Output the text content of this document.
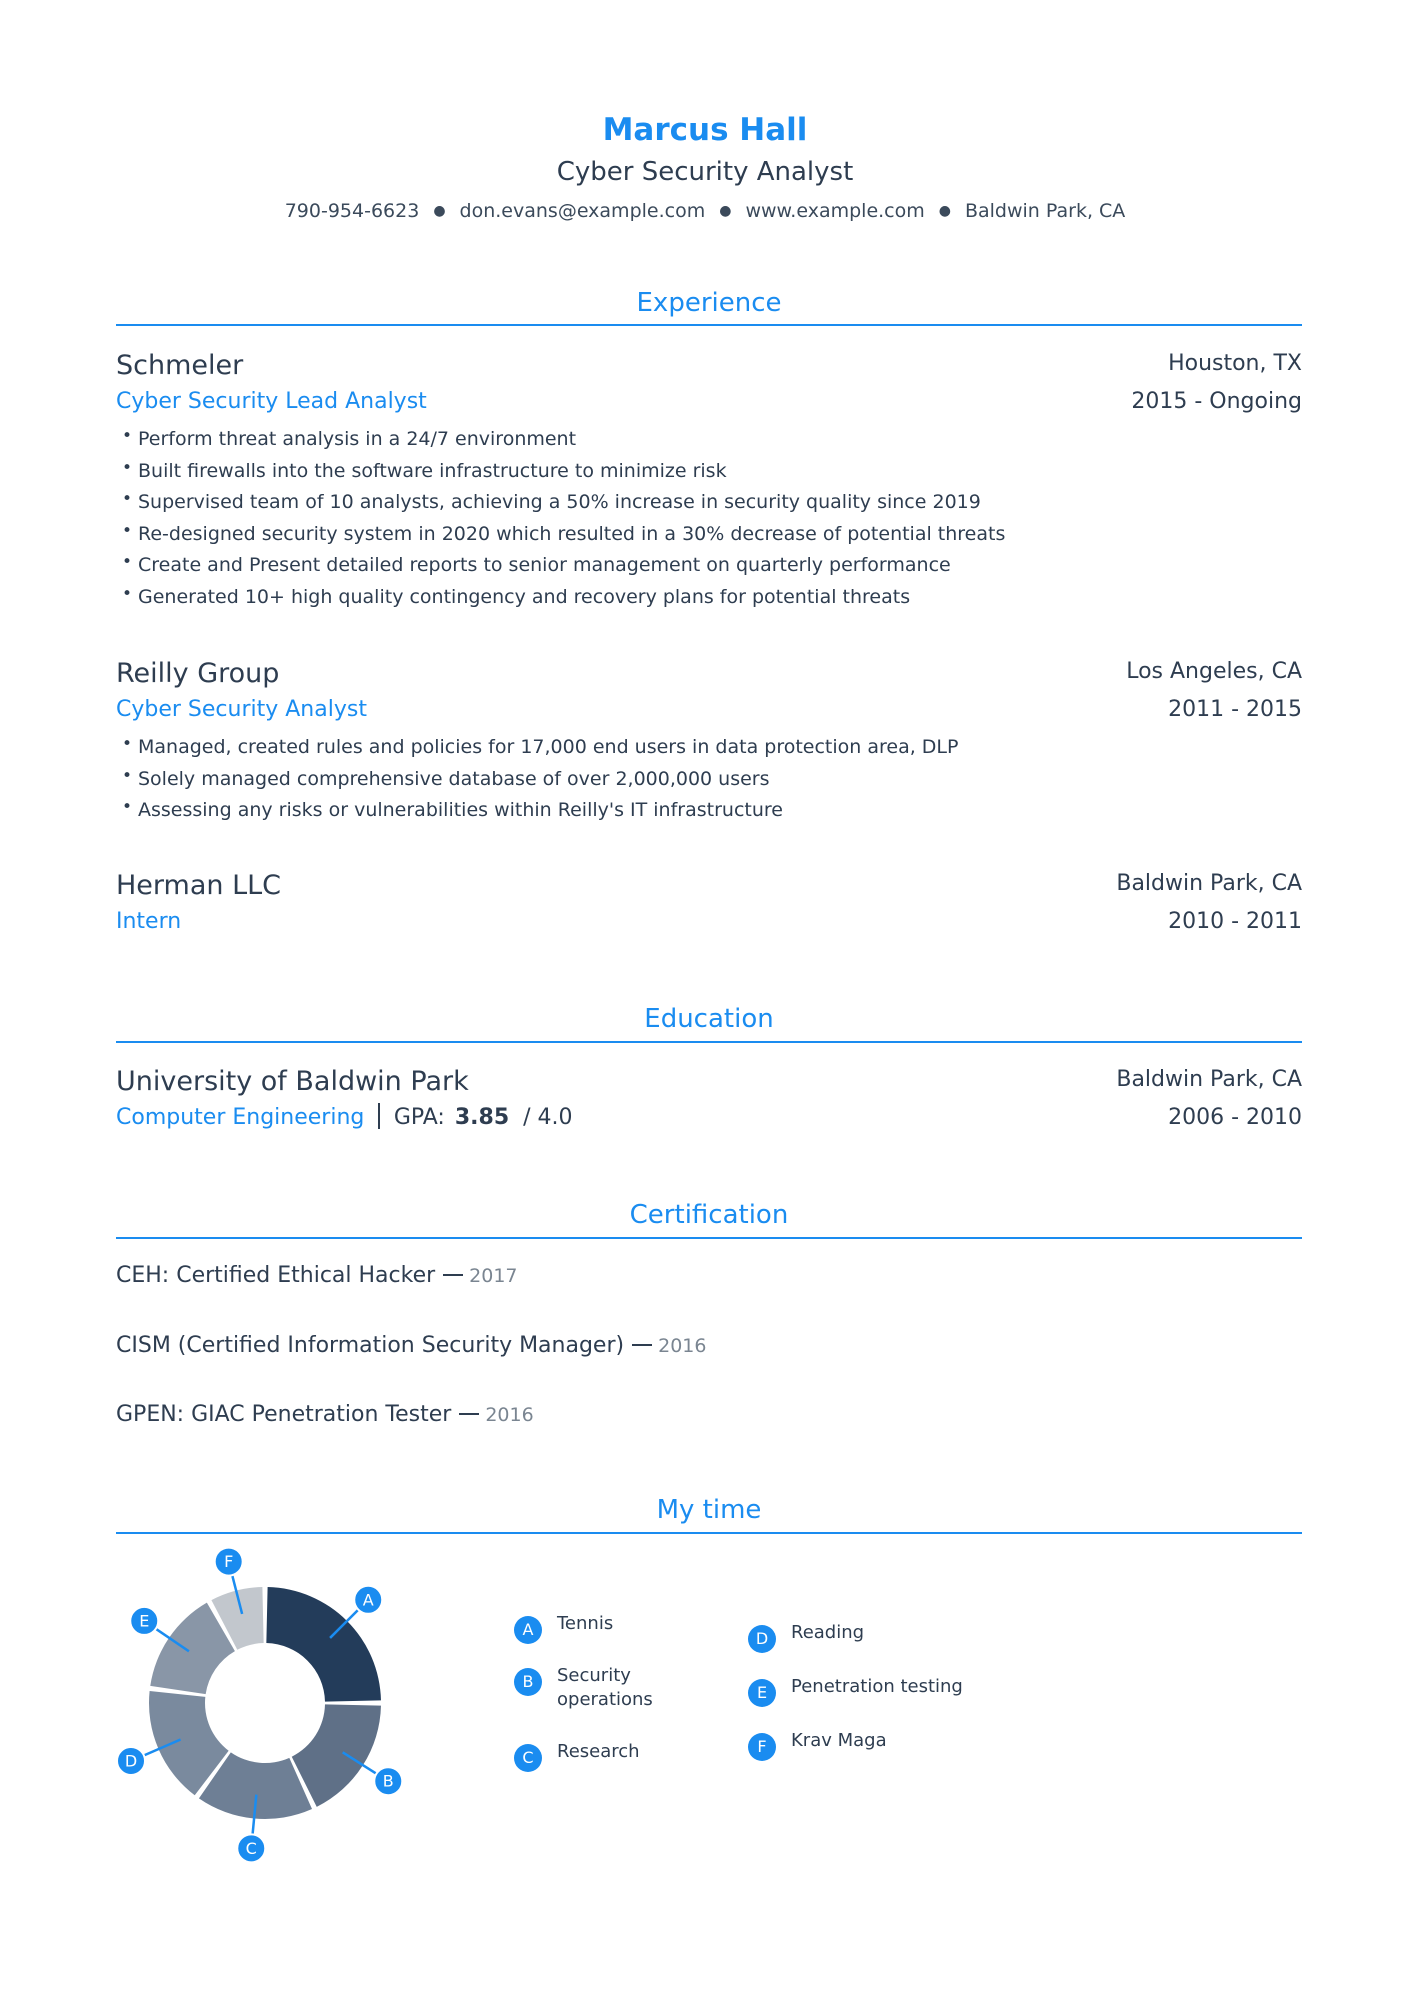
Marcus Hall
Cyber Security Analyst
790-954-6623 ● don.evans@example.com ● www.example.com ● Baldwin Park, CA
Experience
Schmeler	Houston, TX
Cyber Security Lead Analyst	2015 - Ongoing
• Perform threat analysis in a 24/7 environment
• Built firewalls into the software infrastructure to minimize risk
• Supervised team of 10 analysts, achieving a 50% increase in security quality since 2019
• Re-designed security system in 2020 which resulted in a 30% decrease of potential threats
• Create and Present detailed reports to senior management on quarterly performance
• Generated 10+ high quality contingency and recovery plans for potential threats
Reilly Group	Los Angeles, CA
Cyber Security Analyst	2011 - 2015
• Managed, created rules and policies for 17,000 end users in data protection area, DLP
• Solely managed comprehensive database of over 2,000,000 users
• Assessing any risks or vulnerabilities within Reilly's IT infrastructure
Herman LLC	Baldwin Park, CA
Intern	2010 - 2011
Education
University of Baldwin Park	Baldwin Park, CA
Computer Engineering GPA: 3.85 / 4.0	2006 - 2010
Certification
CEH: Certified Ethical Hacker 2017
CISM (Certified Information Security Manager) 2016
GPEN: GIAC Penetration Tester 2016
My time
A
B
C
D
E
F
A	Tennis
B	Security
operations
C	Research
D	Reading
E	Penetration testing
F	Krav Maga
